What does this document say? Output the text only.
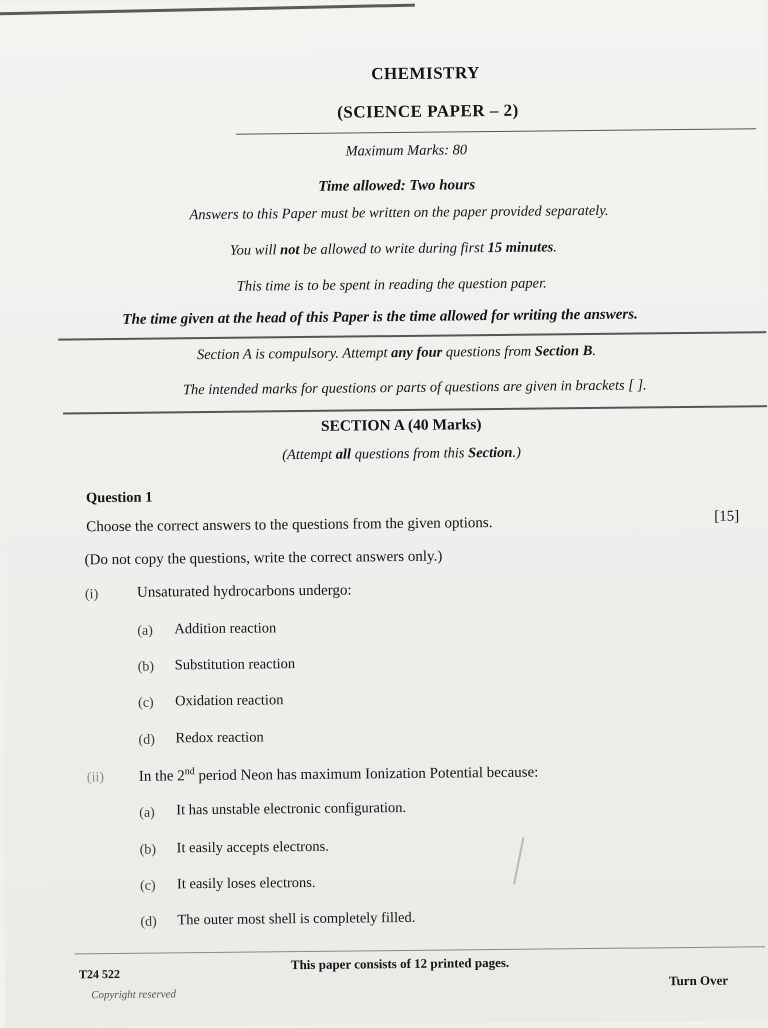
CHEMISTRY
(SCIENCE PAPER – 2)
Maximum Marks: 80
Time allowed: Two hours
Answers to this Paper must be written on the paper provided separately.
You will not be allowed to write during first 15 minutes.
This time is to be spent in reading the question paper.
The time given at the head of this Paper is the time allowed for writing the answers.
Section A is compulsory. Attempt any four questions from Section B.
The intended marks for questions or parts of questions are given in brackets [ ].
SECTION A (40 Marks)
(Attempt all questions from this Section.)
Question 1
Choose the correct answers to the questions from the given options.	[15]
(Do not copy the questions, write the correct answers only.)
(i)	Unsaturated hydrocarbons undergo:
(a) Addition reaction
(b) Substitution reaction
(c) Oxidation reaction
(d) Redox reaction
(ii) In the 2nd period Neon has maximum Ionization Potential because:
(a) It has unstable electronic configuration.
(b) It easily accepts electrons.
(c) It easily loses electrons.
(d) The outer most shell is completely filled.
T24 522
Copyright reserved
This paper consists of 12 printed pages.
Turn Over
